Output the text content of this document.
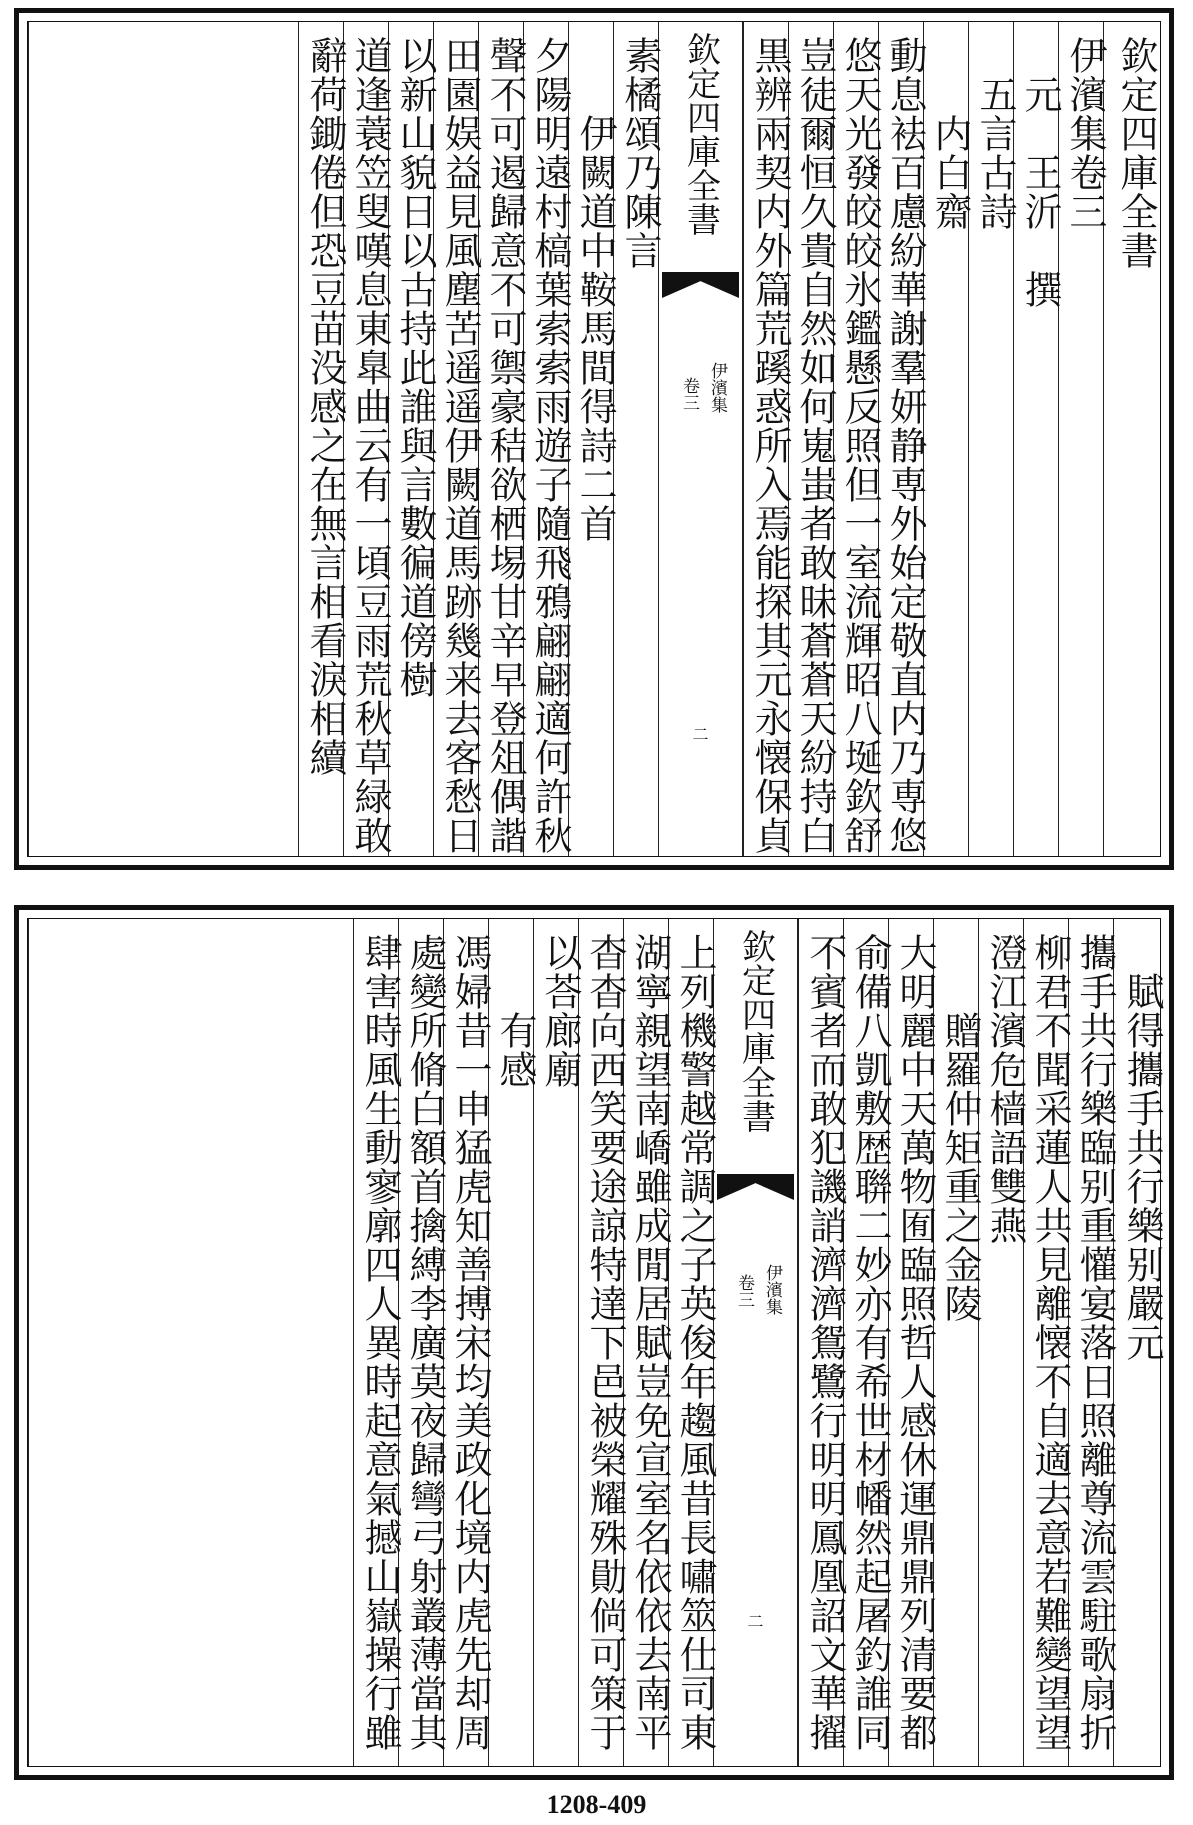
欽定四庫全書
伊濱集卷三
　元　王沂　撰
　五言古詩
　　内白齋
動息袪百慮紛華謝羣妍静専外始定敬直内乃専悠
悠天光發皎皎氷鑑懸反照但一室流輝昭八埏欽舒
豈徒爾恒久貴自然如何嵬蚩者敢昧蒼蒼天紛持白
黒辨兩契内外篇荒蹊惑所入焉能探其元永懐保貞
欽定四庫全書
伊濱集
卷三
二
素橘頌乃陳言
　　伊闕道中鞍馬間得詩二首
夕陽明遠村槁葉索索雨遊子隨飛鴉翩翩適何許秋
聲不可遏歸意不可禦豪秸欲栖埸甘辛早登俎偶諧
田園娱益見風塵苦遥遥伊闕道馬跡幾来去客愁日
以新山貌日以古持此誰與言數徧道傍樹
道逢蓑笠叟嘆息東臯曲云有一頃豆雨荒秋草緑敢
辭荷鋤倦但恐豆苗没感之在無言相看淚相續
　賦得攜手共行樂别嚴元
攜手共行樂臨别重懽宴落日照離尊流雲駐歌扇折
柳君不聞采蓮人共見離懐不自適去意若難變望望
澄江濱危樯語雙燕
　　贈羅仲矩重之金陵
大明麗中天萬物囿臨照哲人感休運鼎鼎列清要都
俞備八凱敷歴聨二妙亦有希世材幡然起屠釣誰同
不賓者而敢犯譏誚濟濟鴛鷺行明明鳳凰詔文華擢
欽定四庫全書
伊濱集
卷三
二
上列機警越常調之子英俊年趨風昔長嘯筮仕司東
湖寧親望南嶠雖成閒居賦豈免宣室名依依去南平
杳杳向西笑要途諒特達下邑被榮耀殊勛倘可策于
以荅廊廟
　　有感
馮婦昔一申猛虎知善搏宋均美政化境内虎先却周
處變所脩白額首擒縛李廣莫夜歸彎弓射叢薄當其
肆害時風生動寥廓四人異時起意氣撼山嶽操行雖
1208-409
